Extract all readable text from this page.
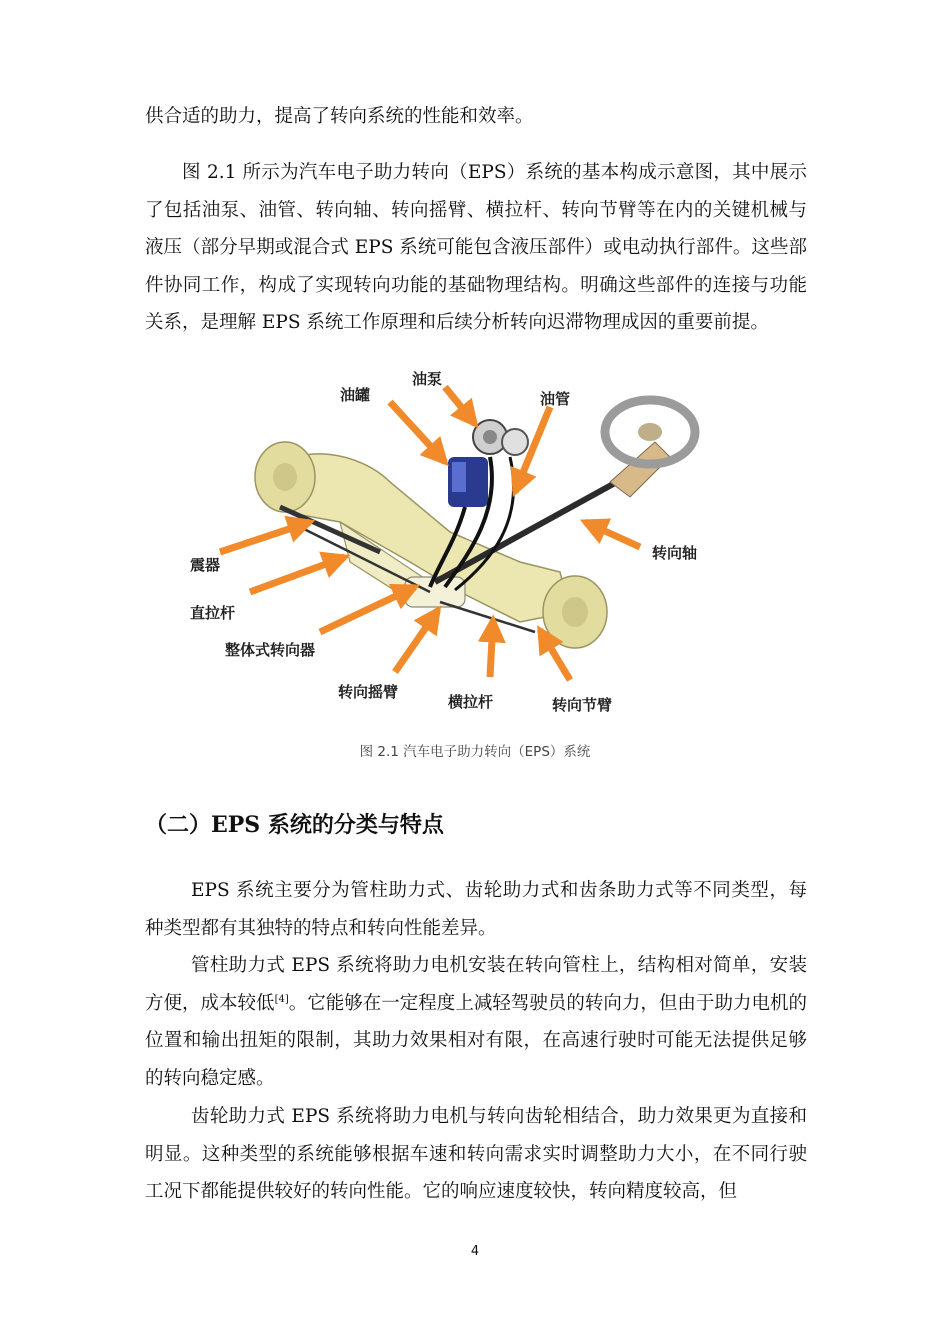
供合适的助力，提高了转向系统的性能和效率。

图 2.1 所示为汽车电子助力转向（EPS）系统的基本构成示意图，其中展示了包括油泵、油管、转向轴、转向摇臂、横拉杆、转向节臂等在内的关键机械与液压（部分早期或混合式 EPS 系统可能包含液压部件）或电动执行部件。这些部件协同工作，构成了实现转向功能的基础物理结构。明确这些部件的连接与功能关系，是理解 EPS 系统工作原理和后续分析转向迟滞物理成因的重要前提。

油罐
油泵
油管
转向轴
震器
直拉杆
整体式转向器
转向摇臂
横拉杆	转向节臂
图 2.1 汽车电子助力转向（EPS）系统
（二）EPS 系统的分类与特点

EPS 系统主要分为管柱助力式、齿轮助力式和齿条助力式等不同类型，每种类型都有其独特的特点和转向性能差异。

管柱助力式 EPS 系统将助力电机安装在转向管柱上，结构相对简单，安装方便，成本较低[4]。它能够在一定程度上减轻驾驶员的转向力，但由于助力电机的位置和输出扭矩的限制，其助力效果相对有限，在高速行驶时可能无法提供足够的转向稳定感。

齿轮助力式 EPS 系统将助力电机与转向齿轮相结合，助力效果更为直接和明显。这种类型的系统能够根据车速和转向需求实时调整助力大小，在不同行驶工况下都能提供较好的转向性能。它的响应速度较快，转向精度较高，但

4
